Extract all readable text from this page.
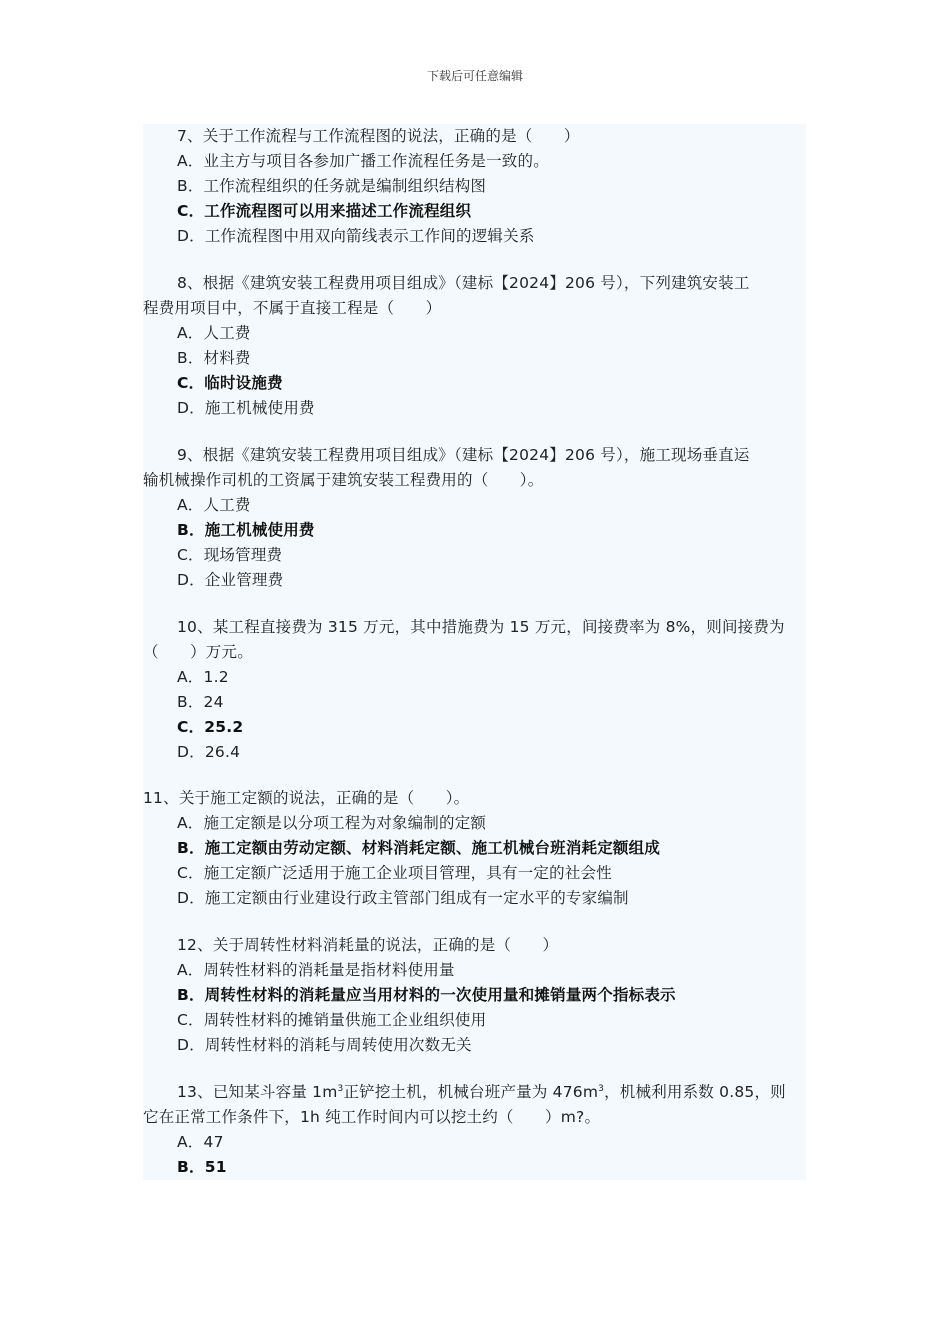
下载后可任意编辑
7、关于工作流程与工作流程图的说法，正确的是（　　）
A．业主方与项目各参加广播工作流程任务是一致的。
B．工作流程组织的任务就是编制组织结构图
C．工作流程图可以用来描述工作流程组织
D．工作流程图中用双向箭线表示工作间的逻辑关系
8、根据《建筑安装工程费用项目组成》（建标【2024】206 号），下列建筑安装工
程费用项目中，不属于直接工程是（　　）
A．人工费
B．材料费
C．临时设施费
D．施工机械使用费
9、根据《建筑安装工程费用项目组成》（建标【2024】206 号），施工现场垂直运
输机械操作司机的工资属于建筑安装工程费用的（　　）。
A．人工费
B．施工机械使用费
C．现场管理费
D．企业管理费
10、某工程直接费为 315 万元，其中措施费为 15 万元，间接费率为 8%，则间接费为
（　　）万元。
A．1.2
B．24
C．25.2
D．26.4
11、关于施工定额的说法，正确的是（　　）。
A．施工定额是以分项工程为对象编制的定额
B．施工定额由劳动定额、材料消耗定额、施工机械台班消耗定额组成
C．施工定额广泛适用于施工企业项目管理，具有一定的社会性
D．施工定额由行业建设行政主管部门组成有一定水平的专家编制
12、关于周转性材料消耗量的说法，正确的是（　　）
A．周转性材料的消耗量是指材料使用量
B．周转性材料的消耗量应当用材料的一次使用量和摊销量两个指标表示
C．周转性材料的摊销量供施工企业组织使用
D．周转性材料的消耗与周转使用次数无关
13、已知某斗容量 $1m^3$正铲挖土机，机械台班产量为 $476m^3$，机械利用系数 0.85，则
它在正常工作条件下，1h 纯工作时间内可以挖土约（　　）m?。
A．47
B．51
